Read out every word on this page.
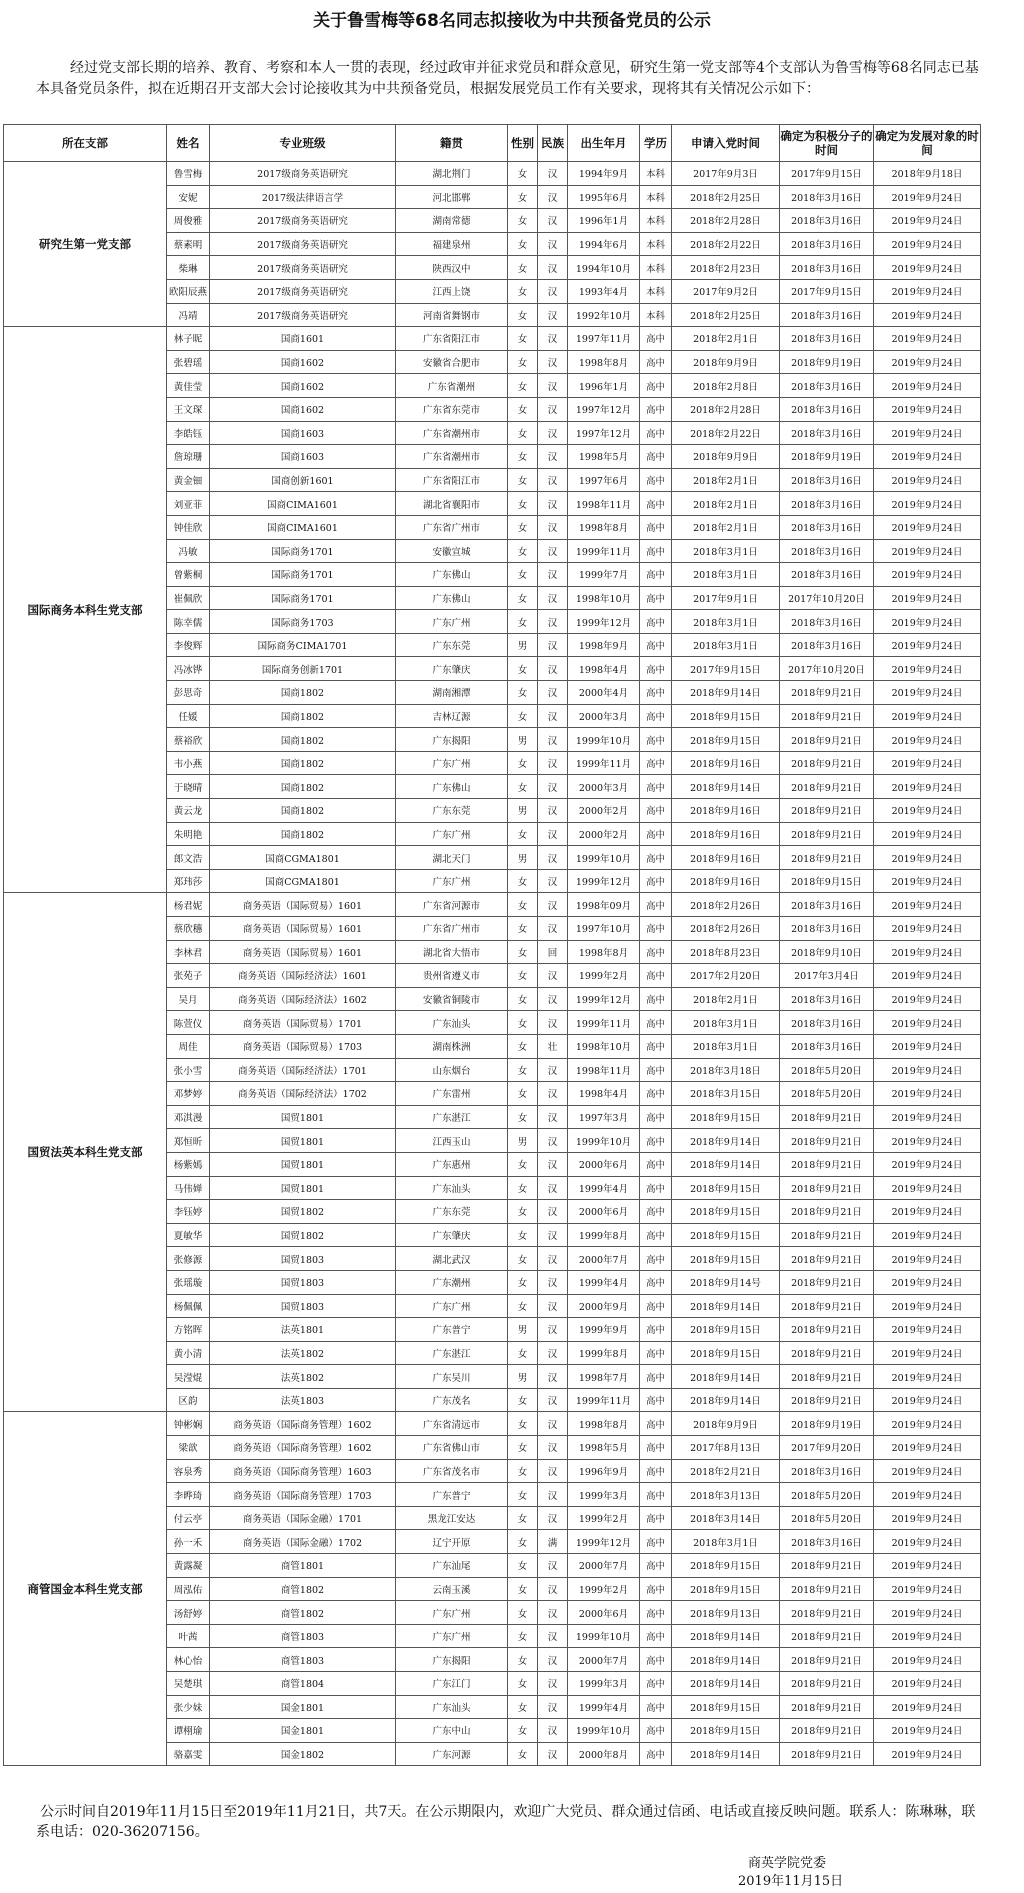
关于鲁雪梅等68名同志拟接收为中共预备党员的公示
经过党支部长期的培养、教育、考察和本人一贯的表现，经过政审并征求党员和群众意见，研究生第一党支部等4个支部认为鲁雪梅等68名同志已基本具备党员条件，拟在近期召开支部大会讨论接收其为中共预备党员，根据发展党员工作有关要求，现将其有关情况公示如下：
所在支部	姓名	专业班级	籍贯	性别	民族	出生年月	学历	申请入党时间	确定为积极分子的时间	确定为发展对象的时间
研究生第一党支部	鲁雪梅	2017级商务英语研究	湖北荆门	女	汉	1994年9月	本科	2017年9月3日	2017年9月15日	2018年9月18日
	安妮	2017级法律语言学	河北邯郸	女	汉	1995年6月	本科	2018年2月25日	2018年3月16日	2019年9月24日
	周俊雅	2017级商务英语研究	湖南常德	女	汉	1996年1月	本科	2018年2月28日	2018年3月16日	2019年9月24日
	蔡素明	2017级商务英语研究	福建泉州	女	汉	1994年6月	本科	2018年2月22日	2018年3月16日	2019年9月24日
	柴琳	2017级商务英语研究	陕西汉中	女	汉	1994年10月	本科	2018年2月23日	2018年3月16日	2019年9月24日
	欧阳辰燕	2017级商务英语研究	江西上饶	女	汉	1993年4月	本科	2017年9月2日	2017年9月15日	2019年9月24日
	冯靖	2017级商务英语研究	河南省舞钢市	女	汉	1992年10月	本科	2018年2月25日	2018年3月16日	2019年9月24日
国际商务本科生党支部	林子昵	国商1601	广东省阳江市	女	汉	1997年11月	高中	2018年2月1日	2018年3月16日	2019年9月24日
	张碧瑶	国商1602	安徽省合肥市	女	汉	1998年8月	高中	2018年9月9日	2018年9月19日	2019年9月24日
	黄佳莹	国商1602	广东省潮州	女	汉	1996年1月	高中	2018年2月8日	2018年3月16日	2019年9月24日
	王文琛	国商1602	广东省东莞市	女	汉	1997年12月	高中	2018年2月28日	2018年3月16日	2019年9月24日
	李皓钰	国商1603	广东省潮州市	女	汉	1997年12月	高中	2018年2月22日	2018年3月16日	2019年9月24日
	詹琼珊	国商1603	广东省潮州市	女	汉	1998年5月	高中	2018年9月9日	2018年9月19日	2019年9月24日
	黄金钿	国商创新1601	广东省阳江市	女	汉	1997年6月	高中	2018年2月1日	2018年3月16日	2019年9月24日
	刘亚菲	国商CIMA1601	湖北省襄阳市	女	汉	1998年11月	高中	2018年2月1日	2018年3月16日	2019年9月24日
	钟佳欣	国商CIMA1601	广东省广州市	女	汉	1998年8月	高中	2018年2月1日	2018年3月16日	2019年9月24日
	冯敏	国际商务1701	安徽宣城	女	汉	1999年11月	高中	2018年3月1日	2018年3月16日	2019年9月24日
	曾紫桐	国际商务1701	广东佛山	女	汉	1999年7月	高中	2018年3月1日	2018年3月16日	2019年9月24日
	崔佩欣	国际商务1701	广东佛山	女	汉	1998年10月	高中	2017年9月1日	2017年10月20日	2019年9月24日
	陈幸儒	国际商务1703	广东广州	女	汉	1999年12月	高中	2018年3月1日	2018年3月16日	2019年9月24日
	李俊辉	国际商务CIMA1701	广东东莞	男	汉	1998年9月	高中	2018年3月1日	2018年3月16日	2019年9月24日
	冯冰铧	国际商务创新1701	广东肇庆	女	汉	1998年4月	高中	2017年9月15日	2017年10月20日	2019年9月24日
	彭思奇	国商1802	湖南湘潭	女	汉	2000年4月	高中	2018年9月14日	2018年9月21日	2019年9月24日
	任媛	国商1802	吉林辽源	女	汉	2000年3月	高中	2018年9月15日	2018年9月21日	2019年9月24日
	蔡裕欣	国商1802	广东揭阳	男	汉	1999年10月	高中	2018年9月15日	2018年9月21日	2019年9月24日
	韦小燕	国商1802	广东广州	女	汉	1999年11月	高中	2018年9月16日	2018年9月21日	2019年9月24日
	于晓晴	国商1802	广东佛山	女	汉	2000年3月	高中	2018年9月14日	2018年9月21日	2019年9月24日
	黄云龙	国商1802	广东东莞	男	汉	2000年2月	高中	2018年9月16日	2018年9月21日	2019年9月24日
	朱明艳	国商1802	广东广州	女	汉	2000年2月	高中	2018年9月16日	2018年9月21日	2019年9月24日
	郎文浩	国商CGMA1801	湖北天门	男	汉	1999年10月	高中	2018年9月16日	2018年9月21日	2019年9月24日
	郑玮莎	国商CGMA1801	广东广州	女	汉	1999年12月	高中	2018年9月16日	2018年9月15日	2019年9月24日
国贸法英本科生党支部	杨君妮	商务英语（国际贸易）1601	广东省河源市	女	汉	1998年09月	高中	2018年2月26日	2018年3月16日	2019年9月24日
	蔡欣穗	商务英语（国际贸易）1601	广东省广州市	女	汉	1997年10月	高中	2018年2月26日	2018年3月16日	2019年9月24日
	李林君	商务英语（国际贸易）1601	湖北省大悟市	女	回	1998年8月	高中	2018年8月23日	2018年9月10日	2019年9月24日
	张苑子	商务英语（国际经济法）1601	贵州省遵义市	女	汉	1999年2月	高中	2017年2月20日	2017年3月4日	2019年9月24日
	吴月	商务英语（国际经济法）1602	安徽省铜陵市	女	汉	1999年12月	高中	2018年2月1日	2018年3月16日	2019年9月24日
	陈萱仪	商务英语（国际贸易）1701	广东汕头	女	汉	1999年11月	高中	2018年3月1日	2018年3月16日	2019年9月24日
	周佳	商务英语（国际贸易）1703	湖南株洲	女	壮	1998年10月	高中	2018年3月1日	2018年3月16日	2019年9月24日
	张小雪	商务英语（国际经济法）1701	山东烟台	女	汉	1998年11月	高中	2018年3月18日	2018年5月20日	2019年9月24日
	邓梦婷	商务英语（国际经济法）1702	广东雷州	女	汉	1998年4月	高中	2018年3月15日	2018年5月20日	2019年9月24日
	邓淇漫	国贸1801	广东湛江	女	汉	1997年3月	高中	2018年9月15日	2018年9月21日	2019年9月24日
	郑恒昕	国贸1801	江西玉山	男	汉	1999年10月	高中	2018年9月14日	2018年9月21日	2019年9月24日
	杨紫嫣	国贸1801	广东惠州	女	汉	2000年6月	高中	2018年9月14日	2018年9月21日	2019年9月24日
	马伟婵	国贸1801	广东汕头	女	汉	1999年4月	高中	2018年9月15日	2018年9月21日	2019年9月24日
	李钰婷	国贸1802	广东东莞	女	汉	2000年6月	高中	2018年9月15日	2018年9月21日	2019年9月24日
	夏敏华	国贸1802	广东肇庆	女	汉	1999年8月	高中	2018年9月15日	2018年9月21日	2019年9月24日
	张修源	国贸1803	湖北武汉	女	汉	2000年7月	高中	2018年9月15日	2018年9月21日	2019年9月24日
	张瑶璇	国贸1803	广东潮州	女	汉	1999年4月	高中	2018年9月14号	2018年9月21日	2019年9月24日
	杨佩佩	国贸1803	广东广州	女	汉	2000年9月	高中	2018年9月14日	2018年9月21日	2019年9月24日
	方铭晖	法英1801	广东普宁	男	汉	1999年9月	高中	2018年9月15日	2018年9月21日	2019年9月24日
	黄小清	法英1802	广东湛江	女	汉	1999年8月	高中	2018年9月15日	2018年9月21日	2019年9月24日
	吴滢焜	法英1802	广东吴川	男	汉	1998年7月	高中	2018年9月14日	2018年9月21日	2019年9月24日
	区韵	法英1803	广东茂名	女	汉	1999年11月	高中	2018年9月14日	2018年9月21日	2019年9月24日
商管国金本科生党支部	钟彬娴	商务英语（国际商务管理）1602	广东省清远市	女	汉	1998年8月	高中	2018年9月9日	2018年9月19日	2019年9月24日
	梁歆	商务英语（国际商务管理）1602	广东省佛山市	女	汉	1998年5月	高中	2017年8月13日	2017年9月20日	2019年9月24日
	容泉秀	商务英语（国际商务管理）1603	广东省茂名市	女	汉	1996年9月	高中	2018年2月21日	2018年3月16日	2019年9月24日
	李晔琦	商务英语（国际商务管理）1703	广东普宁	女	汉	1999年3月	高中	2018年3月13日	2018年5月20日	2019年9月24日
	付云亭	商务英语（国际金融）1701	黑龙江安达	女	汉	1999年2月	高中	2018年3月14日	2018年5月20日	2019年9月24日
	孙一禾	商务英语（国际金融）1702	辽宁开原	女	满	1999年12月	高中	2018年3月1日	2018年3月16日	2019年9月24日
	黄露凝	商管1801	广东汕尾	女	汉	2000年7月	高中	2018年9月15日	2018年9月21日	2019年9月24日
	周泓佑	商管1802	云南玉溪	女	汉	1999年2月	高中	2018年9月15日	2018年9月21日	2019年9月24日
	汤舒婷	商管1802	广东广州	女	汉	2000年6月	高中	2018年9月13日	2018年9月21日	2019年9月24日
	叶茜	商管1803	广东广州	女	汉	1999年10月	高中	2018年9月14日	2018年9月21日	2019年9月24日
	林心怡	商管1803	广东揭阳	女	汉	2000年7月	高中	2018年9月14日	2018年9月21日	2019年9月24日
	吴楚琪	商管1804	广东江门	女	汉	1999年3月	高中	2018年9月14日	2018年9月21日	2019年9月24日
	张少妹	国金1801	广东汕头	女	汉	1999年4月	高中	2018年9月15日	2018年9月21日	2019年9月24日
	谭栩瑜	国金1801	广东中山	女	汉	1999年10月	高中	2018年9月15日	2018年9月21日	2019年9月24日
	骆嘉雯	国金1802	广东河源	女	汉	2000年8月	高中	2018年9月14日	2018年9月21日	2019年9月24日
公示时间自2019年11月15日至2019年11月21日，共7天。在公示期限内，欢迎广大党员、群众通过信函、电话或直接反映问题。联系人：陈琳琳，联系电话：020-36207156。
商英学院党委
2019年11月15日
